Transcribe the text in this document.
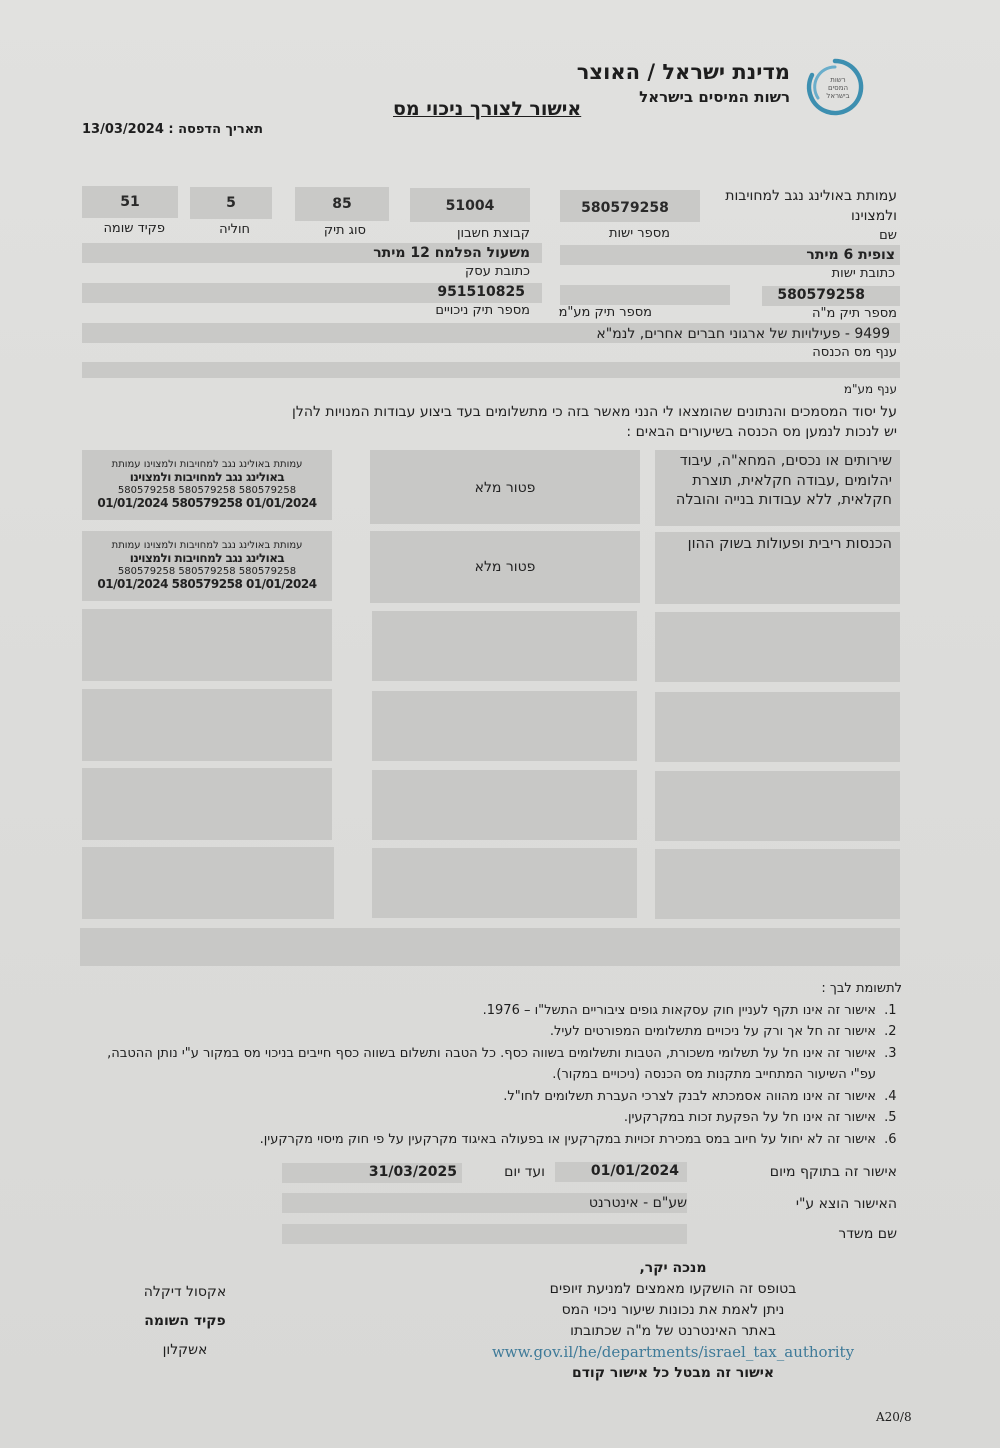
רשות
המסים
בישראל
מדינת ישראל / האוצר
רשות המיסים בישראל
אישור לצורך ניכוי מס
תאריך הדפסה : 13/03/2024
580579258
מספר ישות
עמותת באולינג נגב למחויבות
ולמצוינו
שם
51004
קבוצת חשבון
85
סוג תיק
5
חוליה
51
פקיד שומה
צופית 6 מיתר
כתובת ישות
משעול הפלמח 12 מיתר
כתובת עסק
580579258
מספר תיק מ"ה
מספר תיק מע"מ
951510825
מספר תיק ניכויים
9499 - פעילויות של ארגוני חברים אחרים, לנמ"א
ענף מס הכנסה
ענף מע"מ
על יסוד המסמכים והנתונים שהומצאו לי הנני מאשר בזה כי מתשלומים בעד ביצוע עבודות המנויות להלן
יש לנכות לנמען מס הכנסה בשיעורים הבאים :
שירותים או נכסים, המחא"ה, עיבוד יהלומים ,עבודה חקלאית, תוצרת חקלאית, ללא עבודות בנייה והובלה
פטור מלא
עמותת באולינג נגב למחויבות ולמצוינו עמותת
באולינג נגב למחויבות ולמצוינו
580579258 580579258 580579258
01/01/2024 580579258 01/01/2024
הכנסות ריבית ופעולות בשוק ההון
פטור מלא
עמותת באולינג נגב למחויבות ולמצוינו עמותת
באולינג נגב למחויבות ולמצוינו
580579258 580579258 580579258
01/01/2024 580579258 01/01/2024
לתשומת לבך :
1. אישור זה אינו תקף לעניין חוק עסקאות גופים ציבוריים התשל"ו – 1976.
2. אישור זה חל אך ורק על ניכויים מתשלומים המפורטים לעיל.
3. אישור זה אינו חל על תשלומי משכורת, הטבות ותשלומים בשווה כסף. כל הטבה ותשלום בשווה כסף חייבים בניכוי מס במקור ע"י נותן ההטבה, עפ"י השיעור המתחייב מתקנות מס הכנסה (ניכויים במקור).
4. אישור זה אינו מהווה אסמכתא לבנק לצרכי העברת תשלומים לחו"ל.
5. אישור זה אינו חל על הפקעת זכות במקרקעין.
6. אישור זה לא יחול על חיוב במס במכירת זכויות במקרקעין או בפעולה באיגוד מקרקעין על פי חוק מיסוי מקרקעין.
אישור זה בתוקף מיום
01/01/2024
ועד יום
31/03/2025
האישור הוצא ע"י
שע"ם - אינטרנט
שם משדר
מנכה יקר,
בטופס זה הושקעו מאמצים למניעת זיופים
ניתן לאמת את נכונות שיעור ניכוי המס
באתר האינטרנט של מ"ה שכתובתו
www.gov.il/he/departments/israel_tax_authority
אישור זה מבטל כל אישור קודם
אקסול דיקלה
פקיד השומה
אשקלון
A20/8
